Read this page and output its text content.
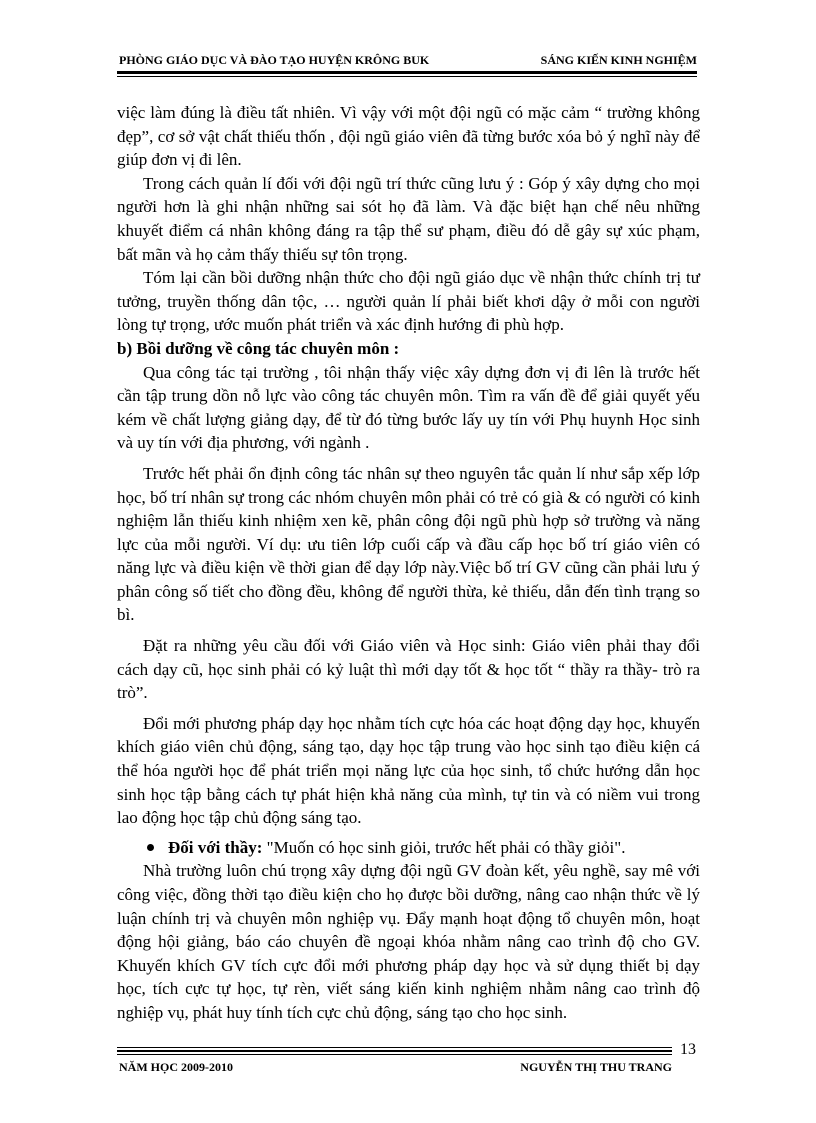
PHÒNG GIÁO DỤC VÀ ĐÀO TẠO HUYỆN KRÔNG BUK	SÁNG KIẾN KINH NGHIỆM

việc làm đúng là điều tất nhiên. Vì vậy với một đội ngũ có mặc cảm “ trường không đẹp”, cơ sở vật chất thiếu thốn , đội ngũ giáo viên đã từng bước xóa bỏ ý nghĩ này để giúp đơn vị đi lên.

Trong cách quản lí đối với đội ngũ trí thức cũng lưu ý : Góp ý xây dựng cho mọi người hơn là ghi nhận những sai sót họ đã làm. Và đặc biệt hạn chế nêu những khuyết điểm cá nhân không đáng ra tập thể sư phạm, điều đó dễ gây sự xúc phạm, bất mãn và họ cảm thấy thiếu sự tôn trọng.

Tóm lại cần bồi dưỡng nhận thức cho đội ngũ giáo dục về nhận thức chính trị tư tưởng, truyền thống dân tộc, … người quản lí phải biết khơi dậy ở mỗi con người lòng tự trọng, ước muốn phát triển và xác định hướng đi phù hợp.

b) Bồi dưỡng về công tác chuyên môn :

Qua công tác tại trường , tôi nhận thấy việc xây dựng đơn vị đi lên là trước hết cần tập trung dồn nỗ lực vào công tác chuyên môn. Tìm ra vấn đề để giải quyết yếu kém về chất lượng giảng dạy, để từ đó từng bước lấy uy tín với Phụ huynh Học sinh và uy tín với địa phương, với ngành .

Trước hết phải ổn định công tác nhân sự theo nguyên tắc quản lí như sắp xếp lớp học, bố trí nhân sự trong các nhóm chuyên môn phải có trẻ có già & có người có kinh nghiệm lẫn thiếu kinh nhiệm xen kẽ, phân công đội ngũ phù hợp sở trường và năng lực của mỗi người. Ví dụ: ưu tiên lớp cuối cấp và đầu cấp học bố trí giáo viên có năng lực và điều kiện về thời gian để dạy lớp này.Việc bố trí GV cũng cần phải lưu ý phân công số tiết cho đồng đều, không để người thừa, kẻ thiếu, dẫn đến tình trạng so bì.

Đặt ra những yêu cầu đối với Giáo viên và Học sinh: Giáo viên phải thay đổi cách dạy cũ, học sinh phải có kỷ luật thì mới dạy tốt & học tốt “ thầy ra thầy- trò ra trò”.

Đổi mới phương pháp dạy học nhằm tích cực hóa các hoạt động dạy học, khuyến khích giáo viên chủ động, sáng tạo, dạy học tập trung vào học sinh tạo điều kiện cá thể hóa người học để phát triển mọi năng lực của học sinh, tổ chức hướng dẫn học sinh học tập bằng cách tự phát hiện khả năng của mình, tự tin và có niềm vui trong lao động học tập chủ động sáng tạo.

Đối với thầy: "Muốn có học sinh giỏi, trước hết phải có thầy giỏi".

Nhà trường luôn chú trọng xây dựng đội ngũ GV đoàn kết, yêu nghề, say mê với công việc, đồng thời tạo điều kiện cho họ được bồi dưỡng, nâng cao nhận thức về lý luận chính trị và chuyên môn nghiệp vụ. Đẩy mạnh hoạt động tổ chuyên môn, hoạt động hội giảng, báo cáo chuyên đề ngoại khóa nhằm nâng cao trình độ cho GV. Khuyến khích GV tích cực đổi mới phương pháp dạy học và sử dụng thiết bị dạy học, tích cực tự học, tự rèn, viết sáng kiến kinh nghiệm nhằm nâng cao trình độ nghiệp vụ, phát huy tính tích cực chủ động, sáng tạo cho học sinh.

13
NĂM HỌC 2009-2010	NGUYỄN THỊ THU TRANG
